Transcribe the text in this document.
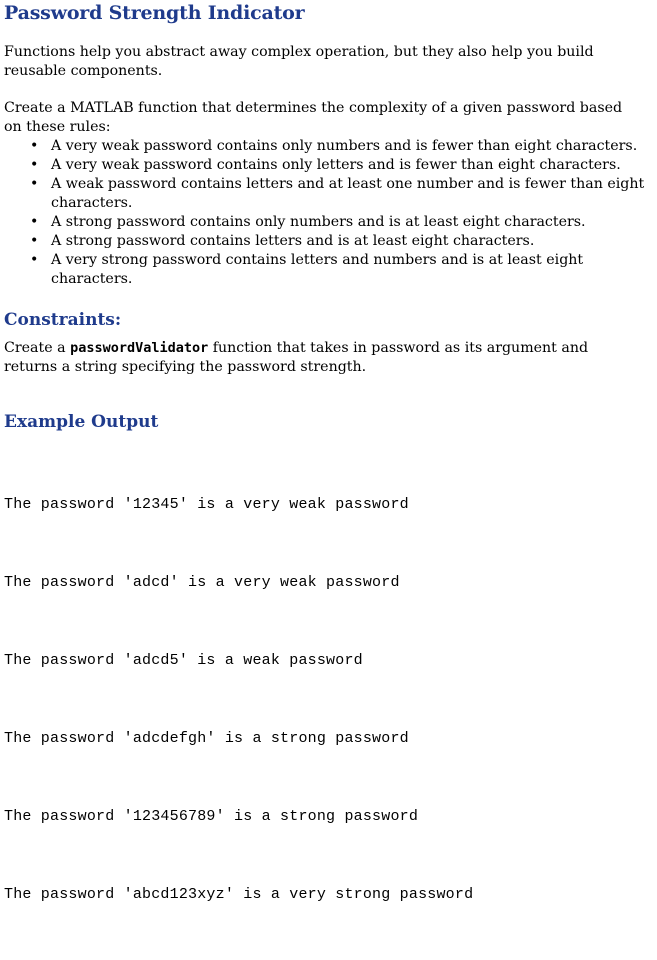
Password Strength Indicator

Functions help you abstract away complex operation, but they also help you build reusable components.

Create a MATLAB function that determines the complexity of a given password based on these rules:

• A very weak password contains only numbers and is fewer than eight characters.
• A very weak password contains only letters and is fewer than eight characters.
• A weak password contains letters and at least one number and is fewer than eight characters.
• A strong password contains only numbers and is at least eight characters.
• A strong password contains letters and is at least eight characters.
• A very strong password contains letters and numbers and is at least eight characters.
Constraints:

Create a passwordValidator function that takes in password as its argument and returns a string specifying the password strength.

Example Output

The password '12345' is a very weak password

The password 'adcd' is a very weak password

The password 'adcd5' is a weak password

The password 'adcdefgh' is a strong password

The password '123456789' is a strong password

The password 'abcd123xyz' is a very strong password
